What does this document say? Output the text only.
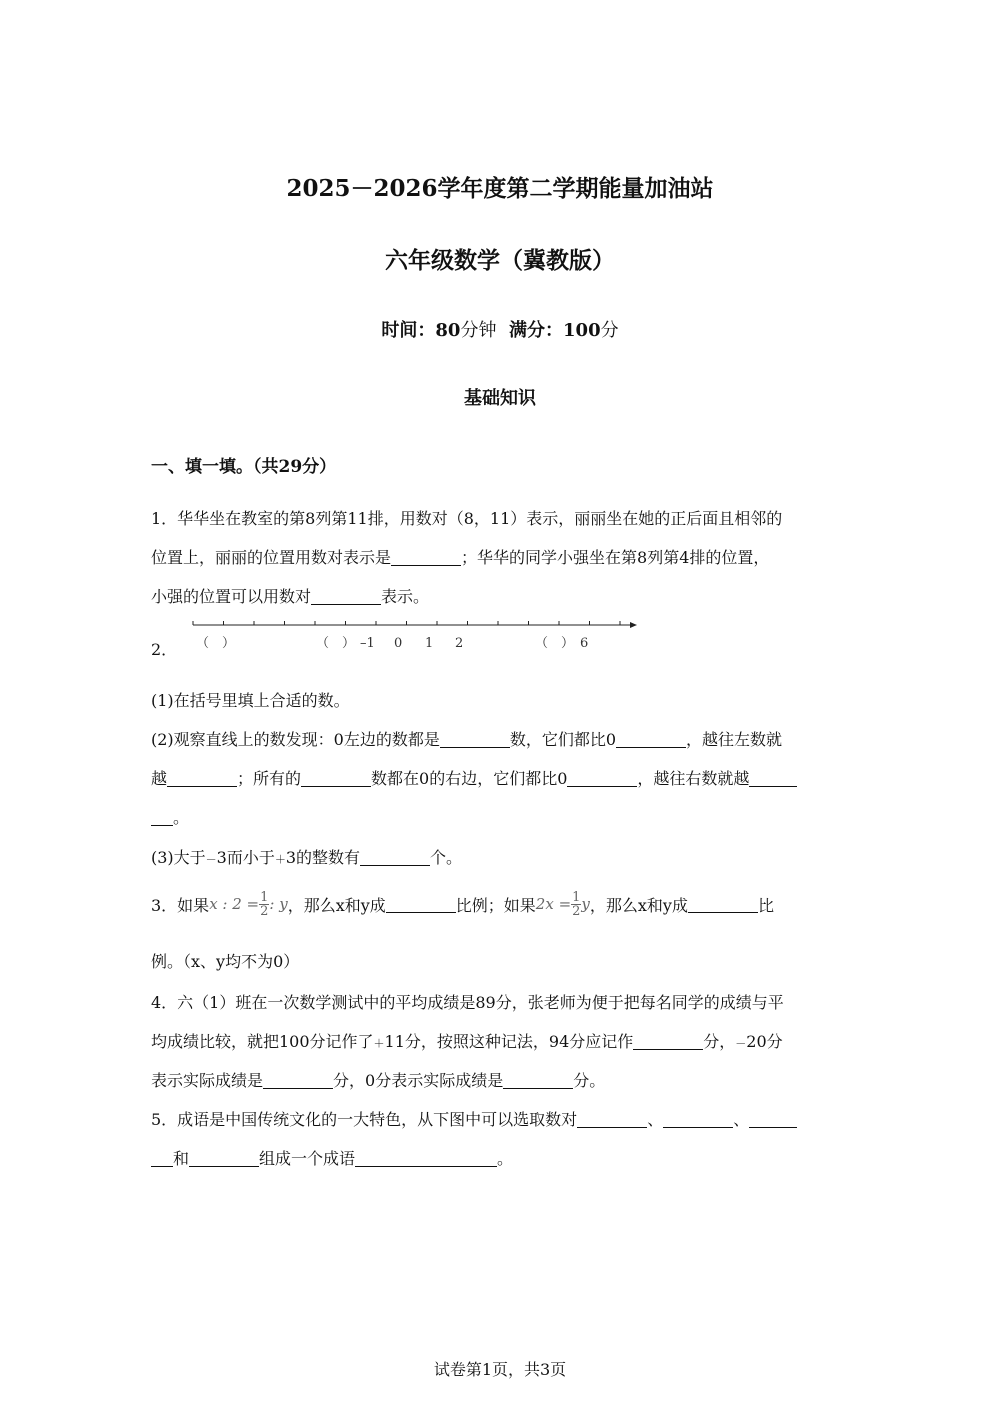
2025－2026学年度第二学期能量加油站
六年级数学（冀教版）
时间：80分钟 满分：100分
基础知识
一、填一填。（共29分）
1．华华坐在教室的第8列第11排，用数对（8，11）表示，丽丽坐在她的正后面且相邻的
位置上，丽丽的位置用数对表示是	；华华的同学小强坐在第8列第4排的位置，
小强的位置可以用数对	表示。
2． （　）	（　） –1 0 1 2	（　） 6
(1)在括号里填上合适的数。
(2)观察直线上的数发现：0左边的数都是	数，它们都比0	，越往左数就
越	；所有的	数都在0的右边，它们都比0	，越往右数就越
。
(3)大于－3而小于＋3的整数有	个。
3．如果 x : $2 = \frac{1}{2}$ : y ，那么x和y成	比例；如果 $2x = \frac{1}{2}$ y ，那么x和y成	比
例。（x、y均不为0）
4．六（1）班在一次数学测试中的平均成绩是89分，张老师为便于把每名同学的成绩与平
均成绩比较，就把100分记作了＋11分，按照这种记法，94分应记作	分，－20分
表示实际成绩是	分，0分表示实际成绩是	分。
5．成语是中国传统文化的一大特色，从下图中可以选取数对	、	、
和	组成一个成语	。
试卷第1页，共3页
